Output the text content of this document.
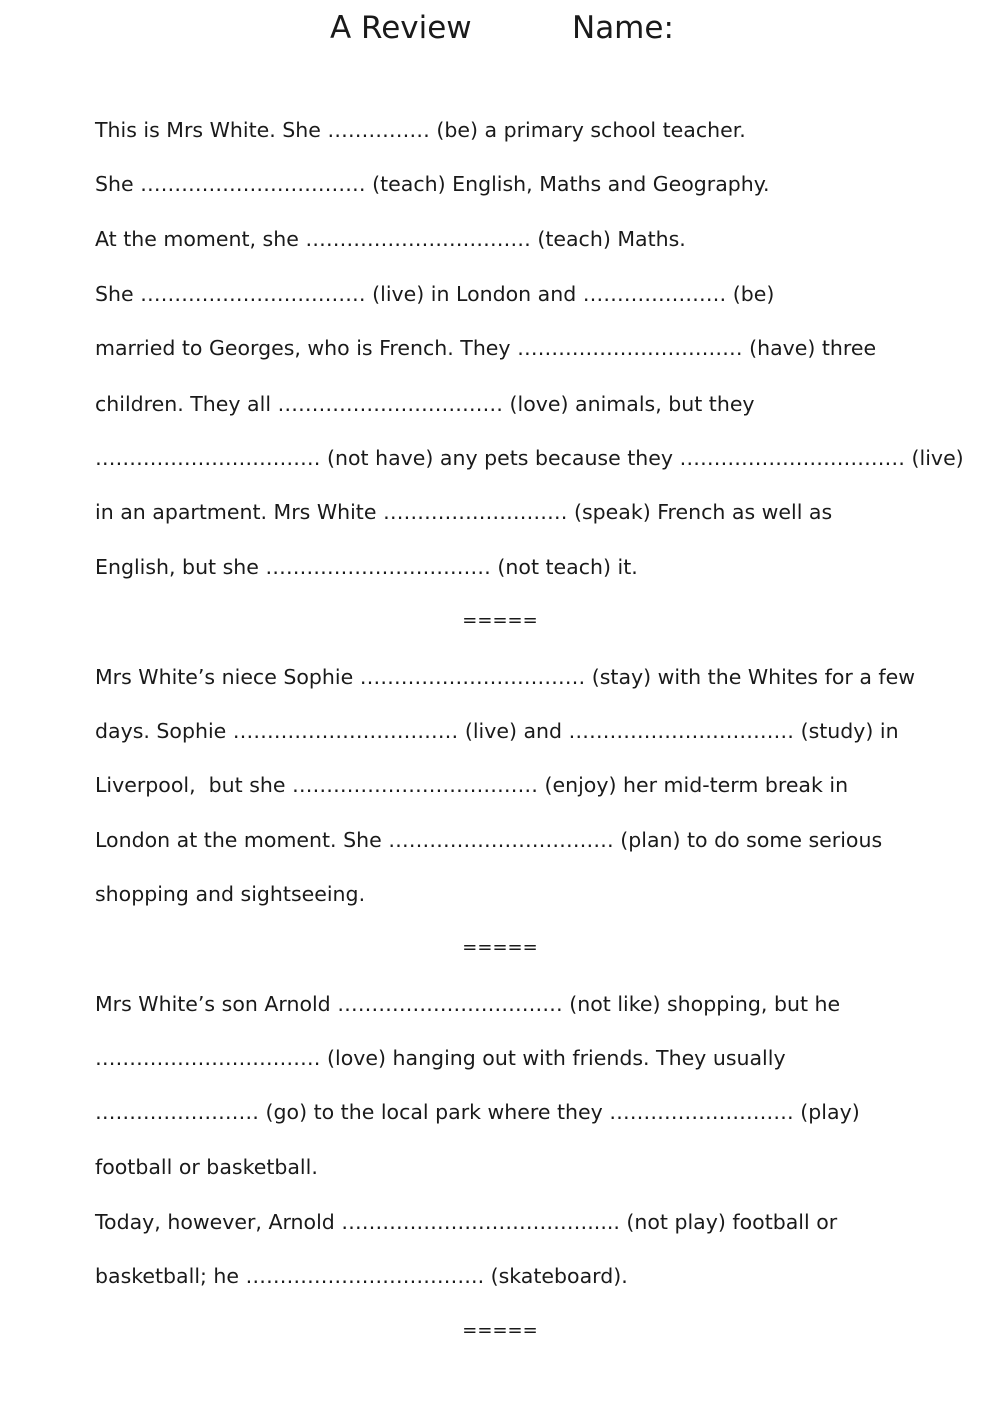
A Review	Name:
This is Mrs White. She …………… (be) a primary school teacher.
She …………………………… (teach) English, Maths and Geography.
At the moment, she …………………………… (teach) Maths.
She …………………………… (live) in London and ………………… (be)
married to Georges, who is French. They …………………………… (have) three
children. They all …………………………… (love) animals, but they
…………………………… (not have) any pets because they …………………………… (live)
in an apartment. Mrs White ……………………… (speak) French as well as
English, but she …………………………… (not teach) it.
=====
Mrs White’s niece Sophie …………………………… (stay) with the Whites for a few
days. Sophie …………………………… (live) and …………………………… (study) in
Liverpool,  but she ……………………………… (enjoy) her mid-term break in
London at the moment. She …………………………… (plan) to do some serious
shopping and sightseeing.
=====
Mrs White’s son Arnold …………………………… (not like) shopping, but he
…………………………… (love) hanging out with friends. They usually
…………………… (go) to the local park where they ……………………… (play)
football or basketball.
Today, however, Arnold ………………………………..... (not play) football or
basketball; he …………………………….. (skateboard).
=====
